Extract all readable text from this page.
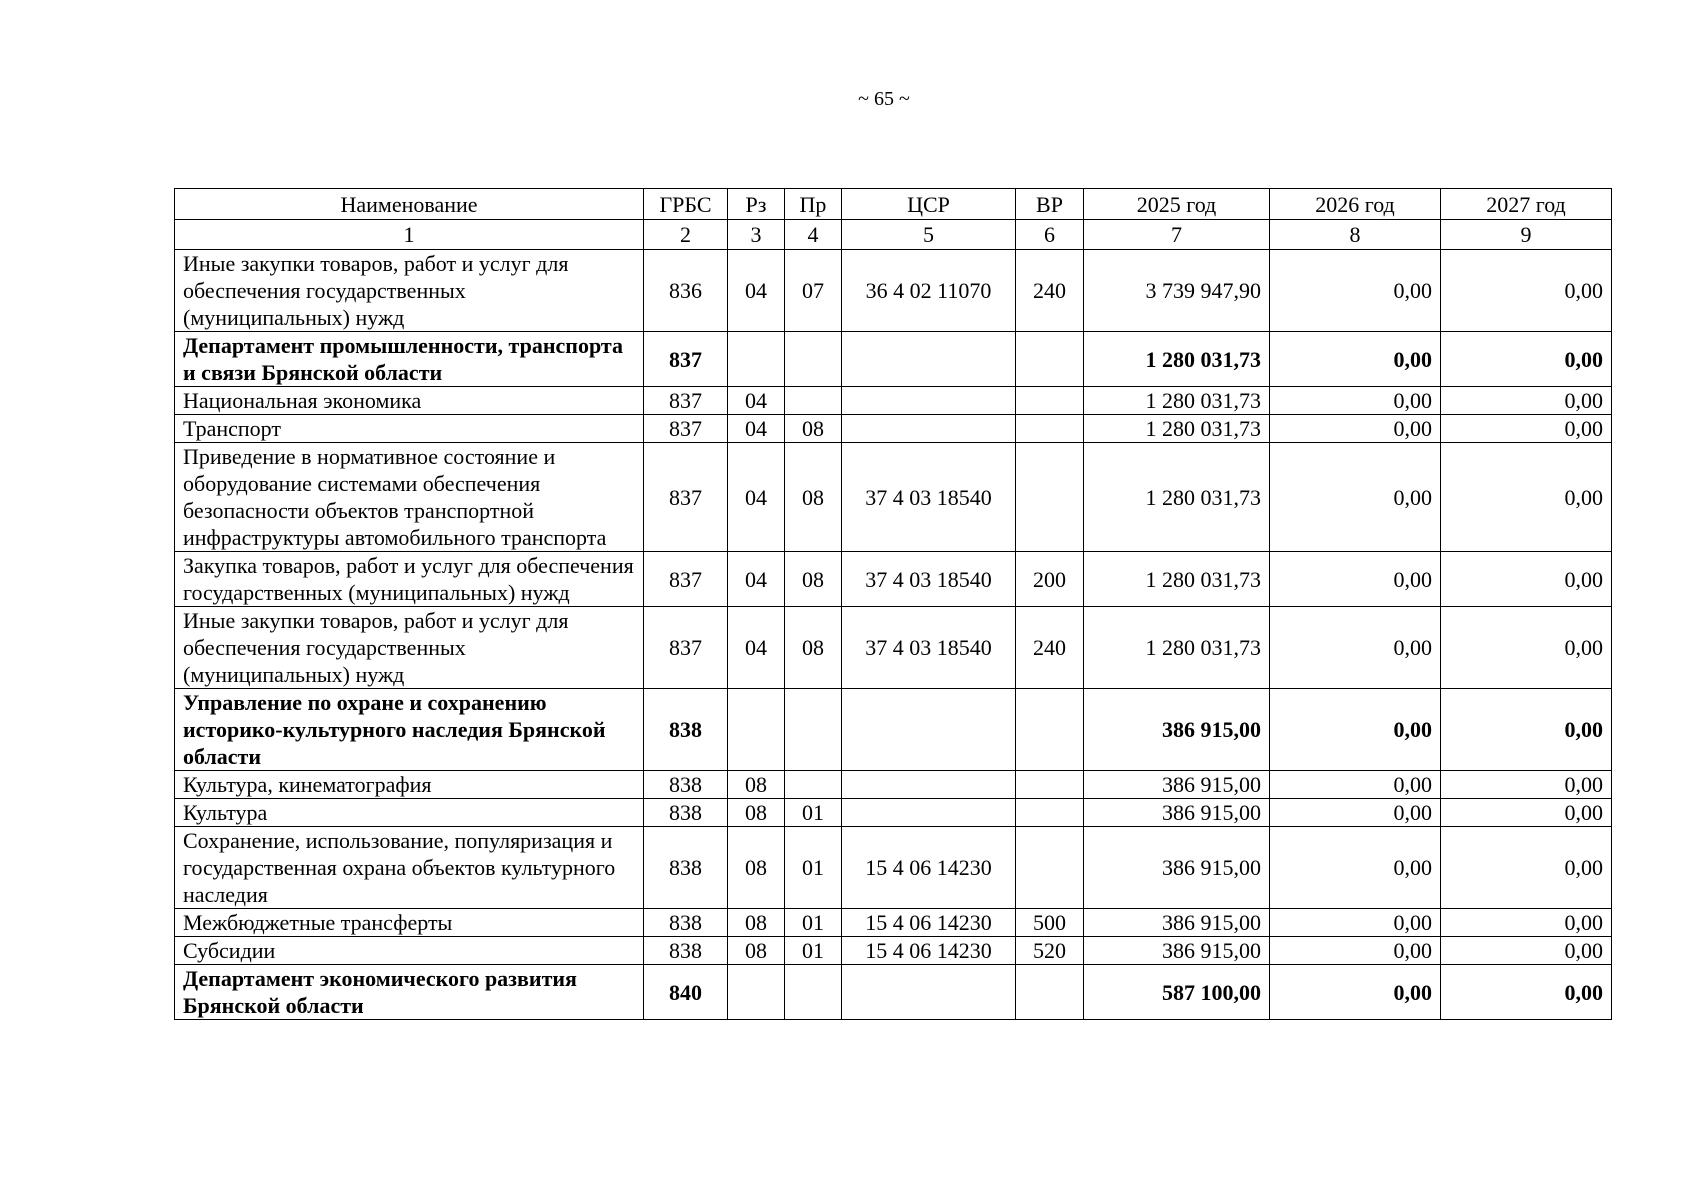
~ 65 ~
Наименование	ГРБС	Рз	Пр	ЦСР	ВР	2025 год	2026 год	2027 год
1	2	3	4	5	6	7	8	9
Иные закупки товаров, работ и услуг для обеспечения государственных (муниципальных) нужд	836	04	07	36 4 02 11070	240	3 739 947,90	0,00	0,00
Департамент промышленности, транспорта и связи Брянской области	837					1 280 031,73	0,00	0,00
Национальная экономика	837	04				1 280 031,73	0,00	0,00
Транспорт	837	04	08			1 280 031,73	0,00	0,00
Приведение в нормативное состояние и оборудование системами обеспечения безопасности объектов транспортной инфраструктуры автомобильного транспорта	837	04	08	37 4 03 18540		1 280 031,73	0,00	0,00
Закупка товаров, работ и услуг для обеспечения государственных (муниципальных) нужд	837	04	08	37 4 03 18540	200	1 280 031,73	0,00	0,00
Иные закупки товаров, работ и услуг для обеспечения государственных (муниципальных) нужд	837	04	08	37 4 03 18540	240	1 280 031,73	0,00	0,00
Управление по охране и сохранению историко-культурного наследия Брянской области	838					386 915,00	0,00	0,00
Культура, кинематография	838	08				386 915,00	0,00	0,00
Культура	838	08	01			386 915,00	0,00	0,00
Сохранение, использование, популяризация и государственная охрана объектов культурного наследия	838	08	01	15 4 06 14230		386 915,00	0,00	0,00
Межбюджетные трансферты	838	08	01	15 4 06 14230	500	386 915,00	0,00	0,00
Субсидии	838	08	01	15 4 06 14230	520	386 915,00	0,00	0,00
Департамент экономического развития Брянской области	840					587 100,00	0,00	0,00
